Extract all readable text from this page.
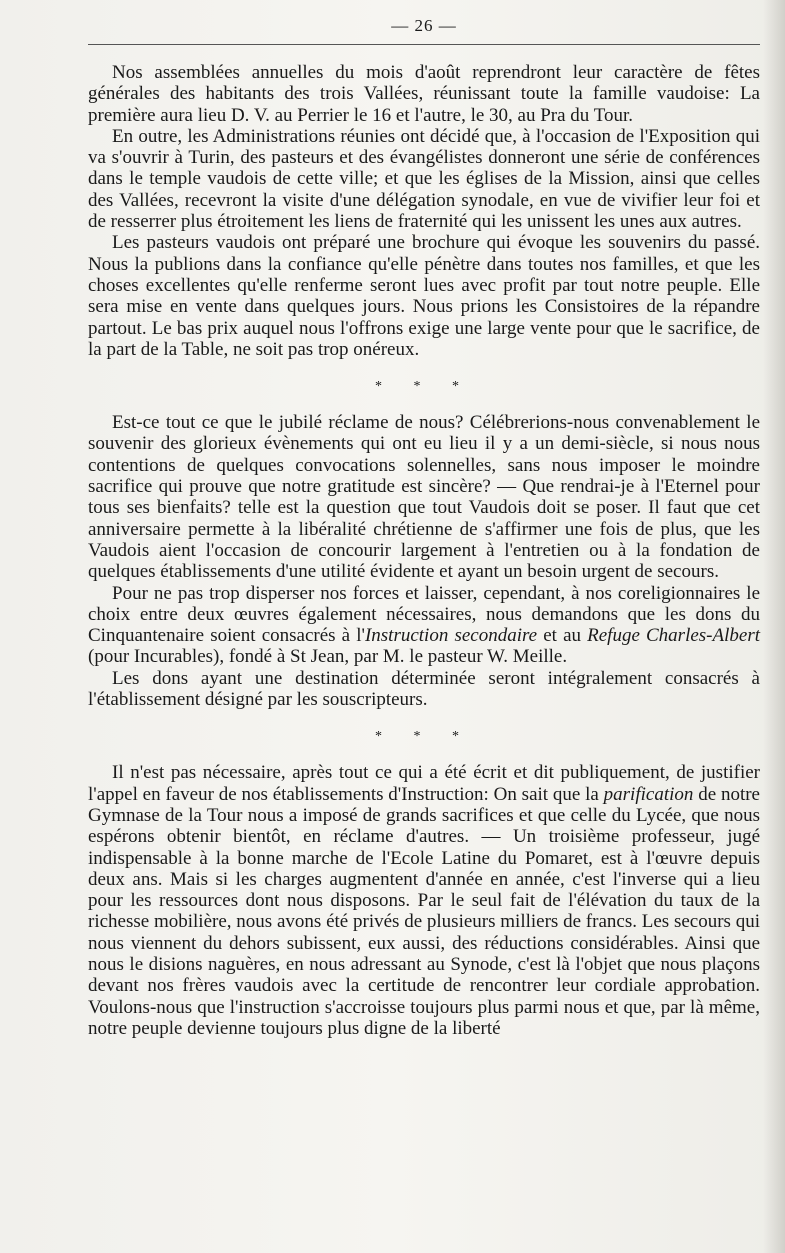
— 26 —

Nos assemblées annuelles du mois d'août reprendront leur caractère de fêtes générales des habitants des trois Vallées, réunissant toute la famille vaudoise: La première aura lieu D. V. au Perrier le 16 et l'autre, le 30, au Pra du Tour.

En outre, les Administrations réunies ont décidé que, à l'occasion de l'Exposition qui va s'ouvrir à Turin, des pasteurs et des évangélistes donneront une série de conférences dans le temple vaudois de cette ville; et que les églises de la Mission, ainsi que celles des Vallées, recevront la visite d'une délégation synodale, en vue de vivifier leur foi et de resserrer plus étroitement les liens de fraternité qui les unissent les unes aux autres.

Les pasteurs vaudois ont préparé une brochure qui évoque les souvenirs du passé. Nous la publions dans la confiance qu'elle pénètre dans toutes nos familles, et que les choses excellentes qu'elle renferme seront lues avec profit par tout notre peuple. Elle sera mise en vente dans quelques jours. Nous prions les Consistoires de la répandre partout. Le bas prix auquel nous l'offrons exige une large vente pour que le sacrifice, de la part de la Table, ne soit pas trop onéreux.

* * *

Est-ce tout ce que le jubilé réclame de nous? Célébrerions-nous convenablement le souvenir des glorieux évènements qui ont eu lieu il y a un demi-siècle, si nous nous contentions de quelques convocations solennelles, sans nous imposer le moindre sacrifice qui prouve que notre gratitude est sincère? — Que rendrai-je à l'Eternel pour tous ses bienfaits? telle est la question que tout Vaudois doit se poser. Il faut que cet anniversaire permette à la libéralité chrétienne de s'affirmer une fois de plus, que les Vaudois aient l'occasion de concourir largement à l'entretien ou à la fondation de quelques établissements d'une utilité évidente et ayant un besoin urgent de secours.

Pour ne pas trop disperser nos forces et laisser, cependant, à nos coreligionnaires le choix entre deux œuvres également nécessaires, nous demandons que les dons du Cinquantenaire soient consacrés à l'Instruction secondaire et au Refuge Charles-Albert (pour Incurables), fondé à St Jean, par M. le pasteur W. Meille.

Les dons ayant une destination déterminée seront intégralement consacrés à l'établissement désigné par les souscripteurs.

* * *

Il n'est pas nécessaire, après tout ce qui a été écrit et dit publiquement, de justifier l'appel en faveur de nos établissements d'Instruction: On sait que la parification de notre Gymnase de la Tour nous a imposé de grands sacrifices et que celle du Lycée, que nous espérons obtenir bientôt, en réclame d'autres. — Un troisième professeur, jugé indispensable à la bonne marche de l'Ecole Latine du Pomaret, est à l'œuvre depuis deux ans. Mais si les charges augmentent d'année en année, c'est l'inverse qui a lieu pour les ressources dont nous disposons. Par le seul fait de l'élévation du taux de la richesse mobilière, nous avons été privés de plusieurs milliers de francs. Les secours qui nous viennent du dehors subissent, eux aussi, des réductions considérables. Ainsi que nous le disions naguères, en nous adressant au Synode, c'est là l'objet que nous plaçons devant nos frères vaudois avec la certitude de rencontrer leur cordiale approbation. Voulons-nous que l'instruction s'accroisse toujours plus parmi nous et que, par là même, notre peuple devienne toujours plus digne de la liberté
